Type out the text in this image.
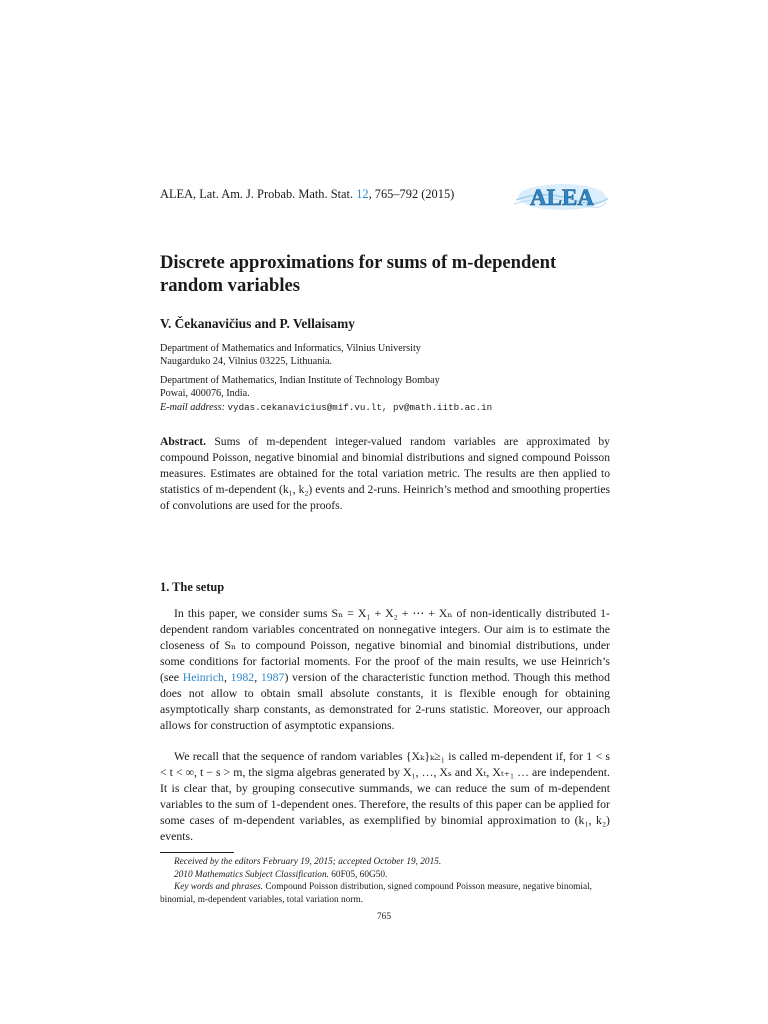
ALEA, Lat. Am. J. Probab. Math. Stat. 12, 765–792 (2015)	ALEA
Discrete approximations for sums of m-dependent random variables
V. Čekanavičius and P. Vellaisamy
Department of Mathematics and Informatics, Vilnius University
Naugarduko 24, Vilnius 03225, Lithuania.
Department of Mathematics, Indian Institute of Technology Bombay
Powai, 400076, India.
E-mail address: vydas.cekanavicius@mif.vu.lt, pv@math.iitb.ac.in

Abstract. Sums of m-dependent integer-valued random variables are approximated by compound Poisson, negative binomial and binomial distributions and signed compound Poisson measures. Estimates are obtained for the total variation metric. The results are then applied to statistics of m-dependent (k₁, k₂) events and 2-runs. Heinrich’s method and smoothing properties of convolutions are used for the proofs.

1. The setup

In this paper, we consider sums Sₙ = X₁ + X₂ + ⋯ + Xₙ of non-identically distributed 1-dependent random variables concentrated on nonnegative integers. Our aim is to estimate the closeness of Sₙ to compound Poisson, negative binomial and binomial distributions, under some conditions for factorial moments. For the proof of the main results, we use Heinrich’s (see Heinrich, 1982, 1987) version of the characteristic function method. Though this method does not allow to obtain small absolute constants, it is flexible enough for obtaining asymptotically sharp constants, as demonstrated for 2-runs statistic. Moreover, our approach allows for construction of asymptotic expansions.

We recall that the sequence of random variables {Xₖ}ₖ≥₁ is called m-dependent if, for 1 < s < t < ∞, t − s > m, the sigma algebras generated by X₁, …, Xₛ and Xₜ, Xₜ₊₁ … are independent. It is clear that, by grouping consecutive summands, we can reduce the sum of m-dependent variables to the sum of 1-dependent ones. Therefore, the results of this paper can be applied for some cases of m-dependent variables, as exemplified by binomial approximation to (k₁, k₂) events.

Received by the editors February 19, 2015; accepted October 19, 2015.

2010 Mathematics Subject Classification. 60F05, 60G50.

Key words and phrases. Compound Poisson distribution, signed compound Poisson measure, negative binomial, binomial, m-dependent variables, total variation norm.

765
